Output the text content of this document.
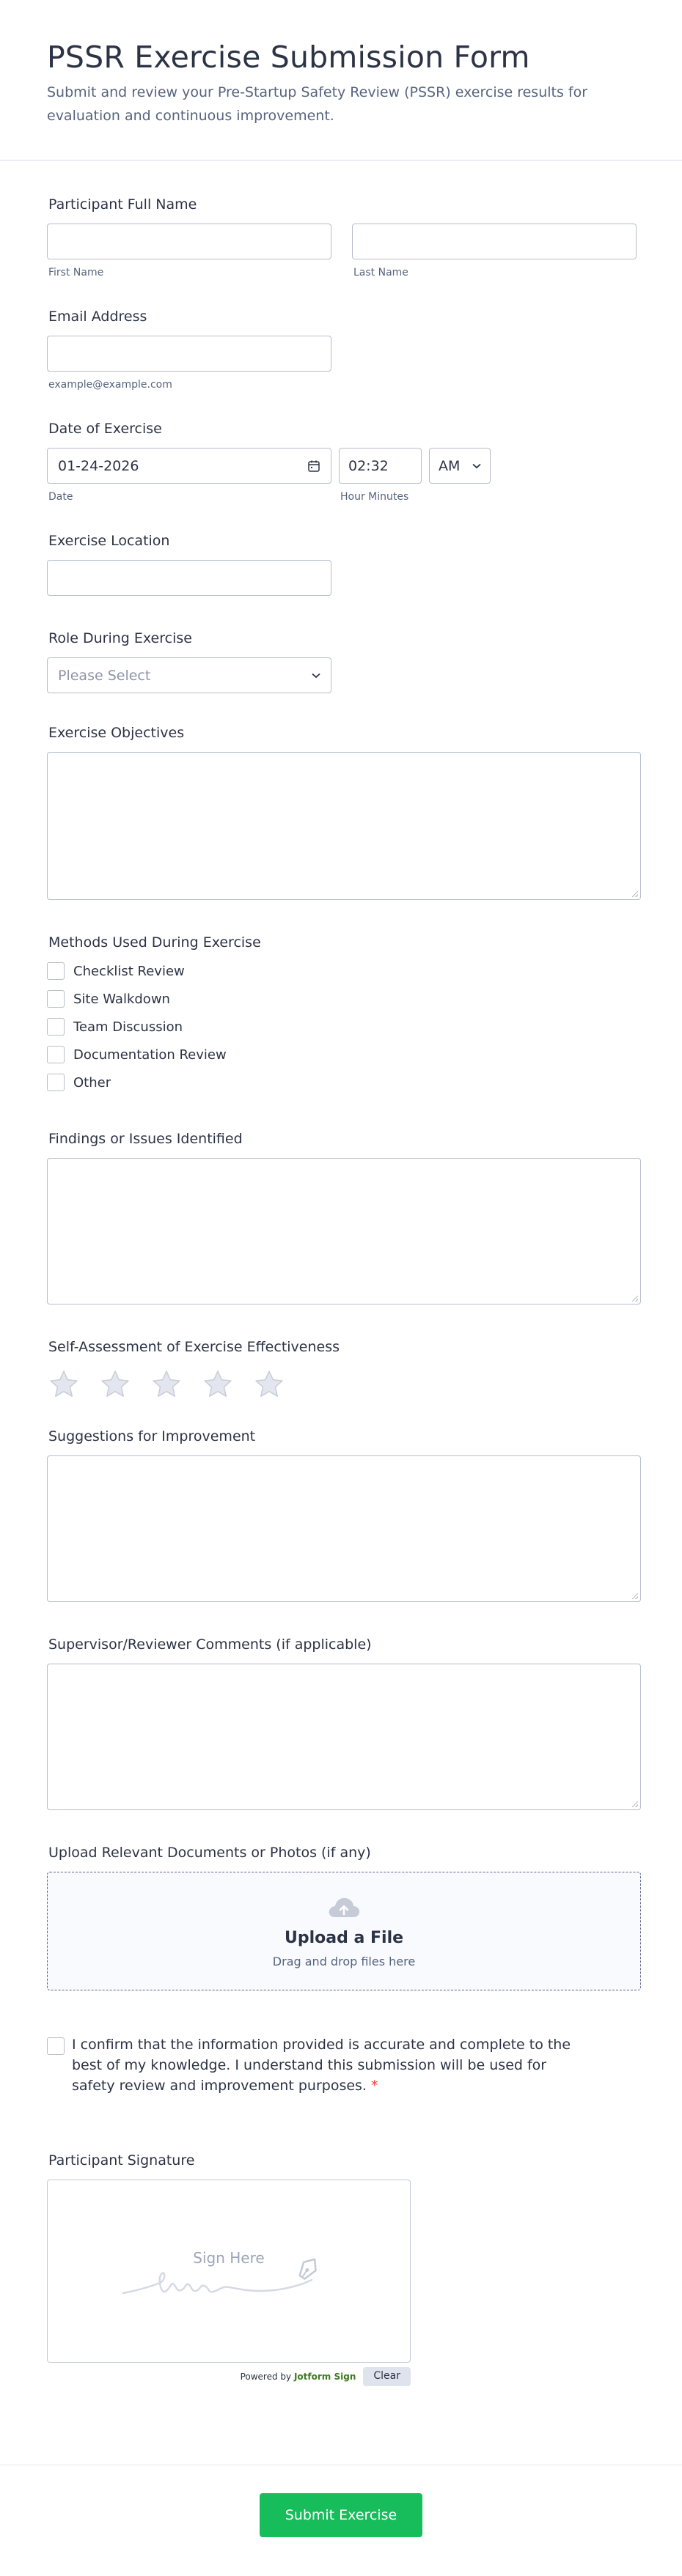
PSSR Exercise Submission Form

Submit and review your Pre-Startup Safety Review (PSSR) exercise results for evaluation and continuous improvement.

Participant Full Name
First Name	Last Name
Email Address
example@example.com
Date of Exercise
01-24-2026
Date
02:32	AM
Hour Minutes
Exercise Location
Role During Exercise
Please Select
Exercise Objectives
Methods Used During Exercise
Checklist Review
Site Walkdown
Team Discussion
Documentation Review
Other
Findings or Issues Identified
Self-Assessment of Exercise Effectiveness
Suggestions for Improvement
Supervisor/Reviewer Comments (if applicable)
Upload Relevant Documents or Photos (if any)
Upload a File
Drag and drop files here
I confirm that the information provided is accurate and complete to the best of my knowledge. I understand this submission will be used for safety review and improvement purposes. *
Participant Signature
Sign Here
Powered by Jotform Sign	Clear
Submit Exercise
